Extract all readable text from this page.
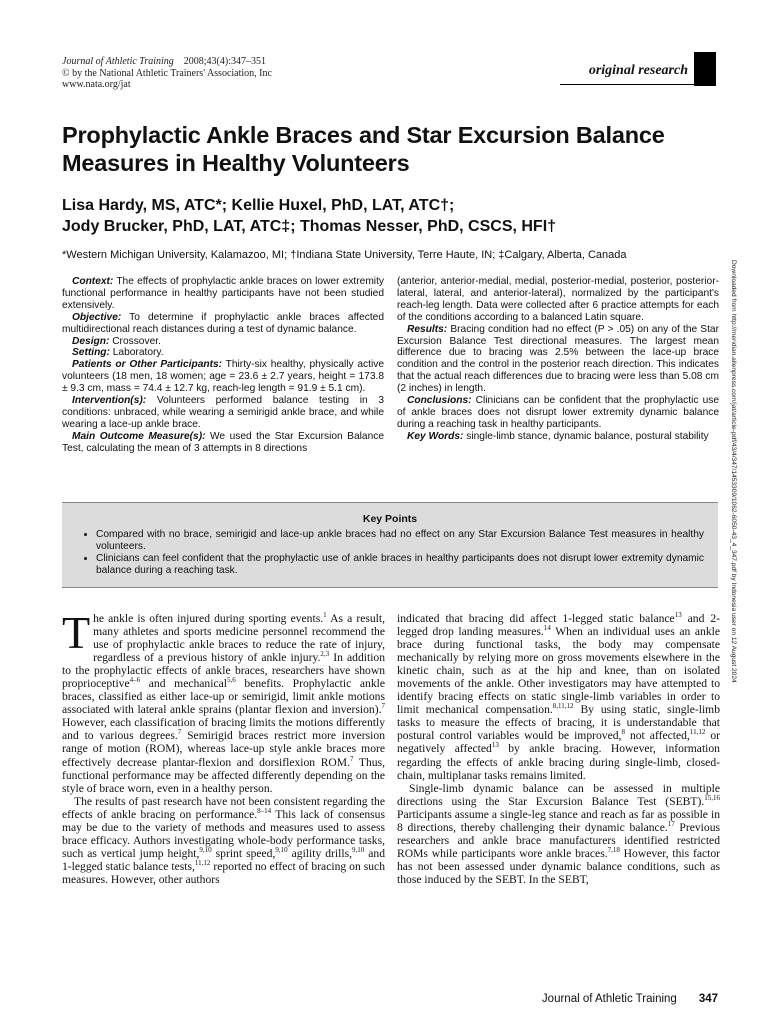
Journal of Athletic Training 2008;43(4):347–351
© by the National Athletic Trainers' Association, Inc
www.nata.org/jat
original research
Prophylactic Ankle Braces and Star Excursion Balance Measures in Healthy Volunteers
Lisa Hardy, MS, ATC*; Kellie Huxel, PhD, LAT, ATC†;
Jody Brucker, PhD, LAT, ATC‡; Thomas Nesser, PhD, CSCS, HFI†
*Western Michigan University, Kalamazoo, MI; †Indiana State University, Terre Haute, IN; ‡Calgary, Alberta, Canada

Context: The effects of prophylactic ankle braces on lower extremity functional performance in healthy participants have not been studied extensively.

Objective: To determine if prophylactic ankle braces affected multidirectional reach distances during a test of dynamic balance.

Design: Crossover.

Setting: Laboratory.

Patients or Other Participants: Thirty-six healthy, physically active volunteers (18 men, 18 women; age = 23.6 ± 2.7 years, height = 173.8 ± 9.3 cm, mass = 74.4 ± 12.7 kg, reach-leg length = 91.9 ± 5.1 cm).

Intervention(s): Volunteers performed balance testing in 3 conditions: unbraced, while wearing a semirigid ankle brace, and while wearing a lace-up ankle brace.

Main Outcome Measure(s): We used the Star Excursion Balance Test, calculating the mean of 3 attempts in 8 directions

(anterior, anterior-medial, medial, posterior-medial, posterior, posterior-lateral, lateral, and anterior-lateral), normalized by the participant's reach-leg length. Data were collected after 6 practice attempts for each of the conditions according to a balanced Latin square.

Results: Bracing condition had no effect (P > .05) on any of the Star Excursion Balance Test directional measures. The largest mean difference due to bracing was 2.5% between the lace-up brace condition and the control in the posterior reach direction. This indicates that the actual reach differences due to bracing were less than 5.08 cm (2 inches) in length.

Conclusions: Clinicians can be confident that the prophylactic use of ankle braces does not disrupt lower extremity dynamic balance during a reaching task in healthy participants.

Key Words: single-limb stance, dynamic balance, postural stability

Key Points
• Compared with no brace, semirigid and lace-up ankle braces had no effect on any Star Excursion Balance Test measures in healthy volunteers.
• Clinicians can feel confident that the prophylactic use of ankle braces in healthy participants does not disrupt lower extremity dynamic balance during a reaching task.

The ankle is often injured during sporting events.$^1$ As a result, many athletes and sports medicine personnel recommend the use of prophylactic ankle braces to reduce the rate of injury, regardless of a previous history of ankle injury.$^{2,3}$ In addition to the prophylactic effects of ankle braces, researchers have shown proprioceptive$^{4-6}$ and mechanical$^{5,6}$ benefits. Prophylactic ankle braces, classified as either lace-up or semirigid, limit ankle motions associated with lateral ankle sprains (plantar flexion and inversion).$^7$ However, each classification of bracing limits the motions differently and to various degrees.$^7$ Semirigid braces restrict more inversion range of motion (ROM), whereas lace-up style ankle braces more effectively decrease plantar-flexion and dorsiflexion ROM.$^7$ Thus, functional performance may be affected differently depending on the style of brace worn, even in a healthy person.

The results of past research have not been consistent regarding the effects of ankle bracing on performance.$^{8-14}$ This lack of consensus may be due to the variety of methods and measures used to assess brace efficacy. Authors investigating whole-body performance tasks, such as vertical jump height,$^{9,10}$ sprint speed,$^{9,10}$ agility drills,$^{9,10}$ and 1-legged static balance tests,$^{11,12}$ reported no effect of bracing on such measures. However, other authors

indicated that bracing did affect 1-legged static balance$^{13}$ and 2-legged drop landing measures.$^{14}$ When an individual uses an ankle brace during functional tasks, the body may compensate mechanically by relying more on gross movements elsewhere in the kinetic chain, such as at the hip and knee, than on isolated movements of the ankle. Other investigators may have attempted to identify bracing effects on static single-limb variables in order to limit mechanical compensation.$^{8,11,12}$ By using static, single-limb tasks to measure the effects of bracing, it is understandable that postural control variables would be improved,$^8$ not affected,$^{11,12}$ or negatively affected$^{13}$ by ankle bracing. However, information regarding the effects of ankle bracing during single-limb, closed-chain, multiplanar tasks remains limited.

Single-limb dynamic balance can be assessed in multiple directions using the Star Excursion Balance Test (SEBT).$^{15,16}$ Participants assume a single-leg stance and reach as far as possible in 8 directions, thereby challenging their dynamic balance.$^{17}$ Previous researchers and ankle brace manufacturers identified restricted ROMs while participants wore ankle braces.$^{7,18}$ However, this factor has not been assessed under dynamic balance conditions, such as those induced by the SEBT. In the SEBT,

Downloaded from http://meridian.allenpress.com/jat/article-pdf/43/4/347/1453309/1062-6050-43_4_347.pdf by Indonesia user on 12 August 2024
Journal of Athletic Training 347
